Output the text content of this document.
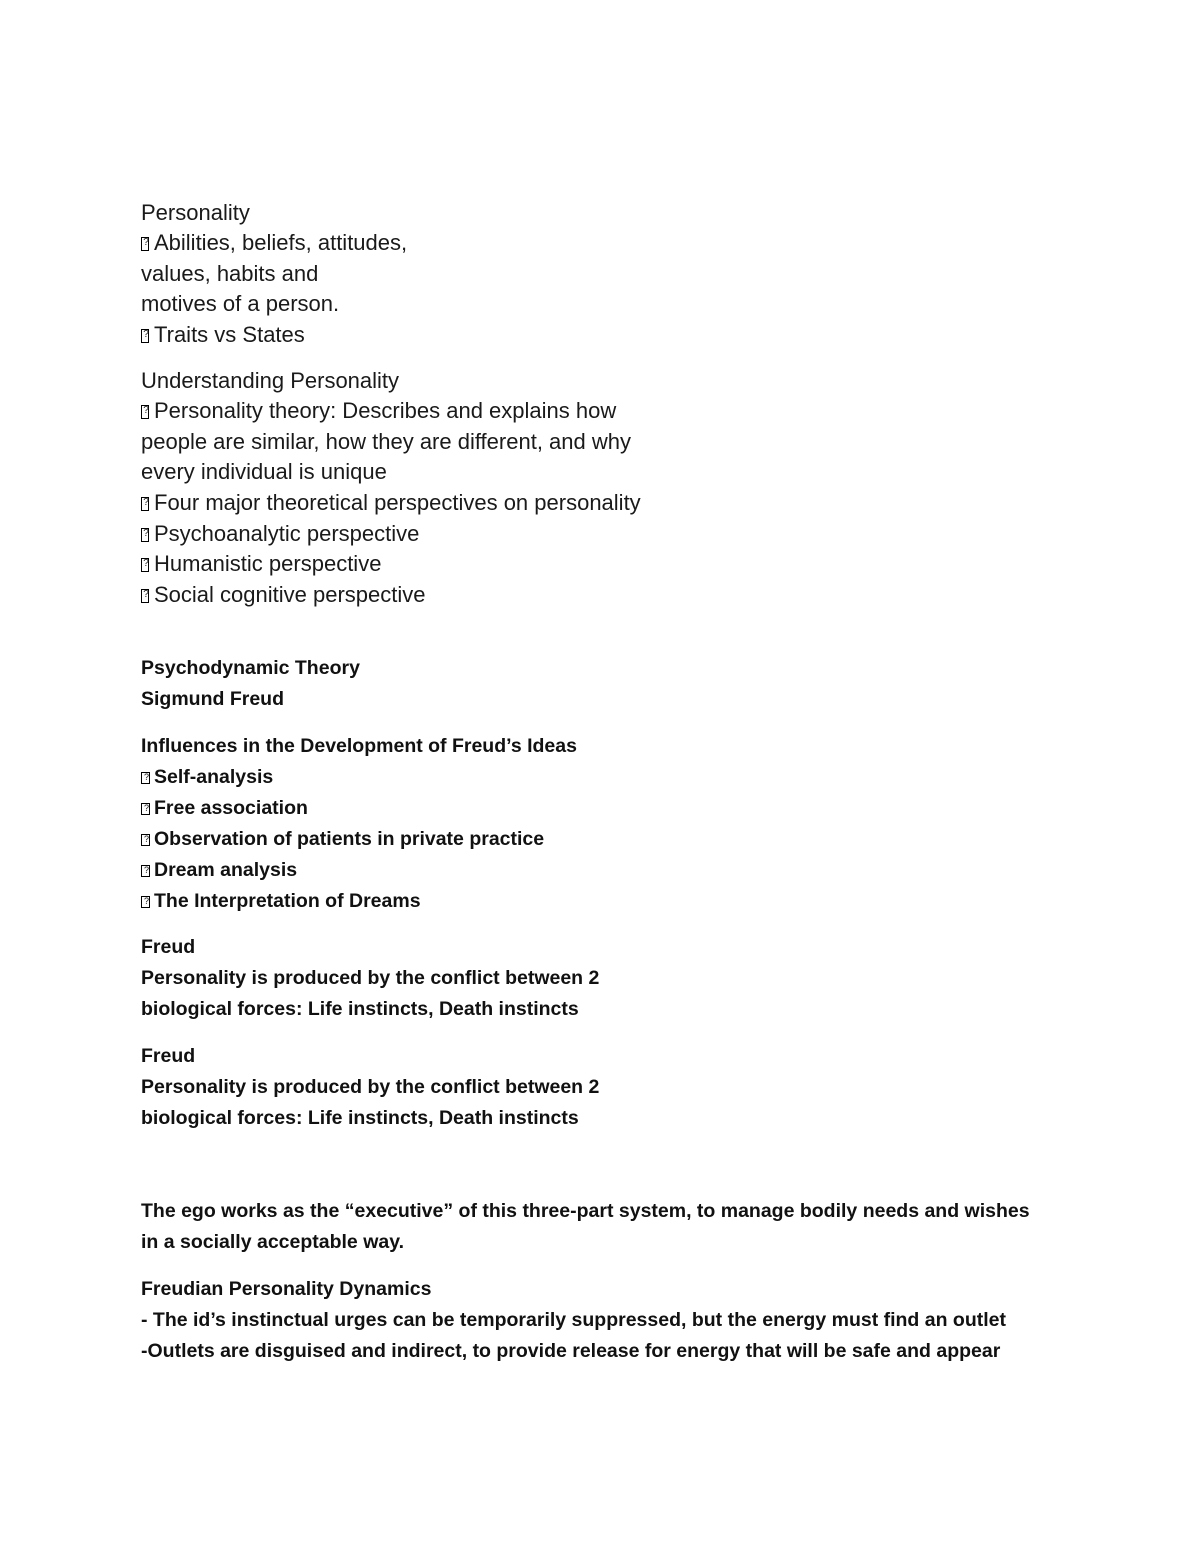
Personality
?Abilities, beliefs, attitudes,
values, habits and
motives of a person.
?Traits vs States
Understanding Personality
?Personality theory: Describes and explains how
people are similar, how they are different, and why
every individual is unique
?Four major theoretical perspectives on personality
?Psychoanalytic perspective
?Humanistic perspective
?Social cognitive perspective
Psychodynamic Theory
Sigmund Freud
Influences in the Development of Freud’s Ideas
?Self-analysis
?Free association
?Observation of patients in private practice
?Dream analysis
?The Interpretation of Dreams
Freud
Personality is produced by the conflict between 2
biological forces: Life instincts, Death instincts
Freud
Personality is produced by the conflict between 2
biological forces: Life instincts, Death instincts
The ego works as the “executive” of this three-part system, to manage bodily needs and wishes
in a socially acceptable way.
Freudian Personality Dynamics
- The id’s instinctual urges can be temporarily suppressed, but the energy must find an outlet
-Outlets are disguised and indirect, to provide release for energy that will be safe and appear
